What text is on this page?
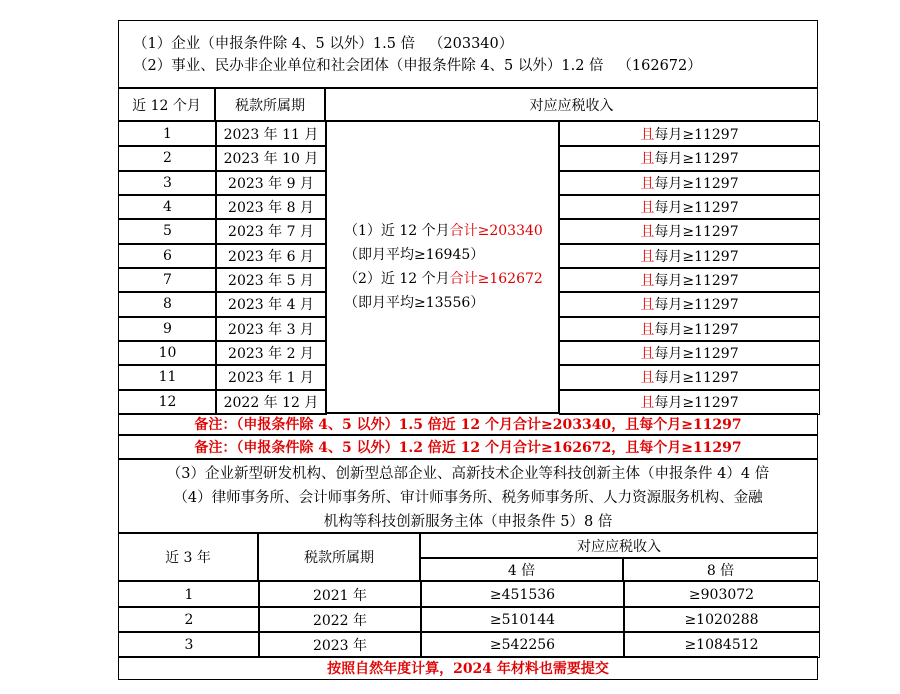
（1）企业（申报条件除 4、5 以外）1.5 倍   （203340）
（2）事业、民办非企业单位和社会团体（申报条件除 4、5 以外）1.2 倍   （162672）
近 12 个月	税款所属期	对应应税收入
1	2023 年 11 月	且 每月≥11297
2	2023 年 10 月	且 每月≥11297
3	2023 年 9 月	且 每月≥11297
4	2023 年 8 月	且 每月≥11297
5	2023 年 7 月	且 每月≥11297
6	2023 年 6 月	且 每月≥11297
7	2023 年 5 月	且 每月≥11297
8	2023 年 4 月	且 每月≥11297
9	2023 年 3 月	且 每月≥11297
10	2023 年 2 月	且 每月≥11297
11	2023 年 1 月	且 每月≥11297
12	2022 年 12 月	且 每月≥11297
（1）近 12 个月合计≥203340
（即月平均≥16945）
（2）近 12 个月合计≥162672
（即月平均≥13556）
备注：（申报条件除 4、5 以外）1.5 倍近 12 个月合计≥203340，且每个月≥11297
备注：（申报条件除 4、5 以外）1.2 倍近 12 个月合计≥162672，且每个月≥11297
（3）企业新型研发机构、创新型总部企业、高新技术企业等科技创新主体（申报条件 4）4 倍
（4）律师事务所、会计师事务所、审计师事务所、税务师事务所、人力资源服务机构、金融
机构等科技创新服务主体（申报条件 5）8 倍
近 3 年	税款所属期
对应应税收入
4 倍	8 倍
1	2021 年	≥451536	≥903072
2	2022 年	≥510144	≥1020288
3	2023 年	≥542256	≥1084512
按照自然年度计算，2024 年材料也需要提交
